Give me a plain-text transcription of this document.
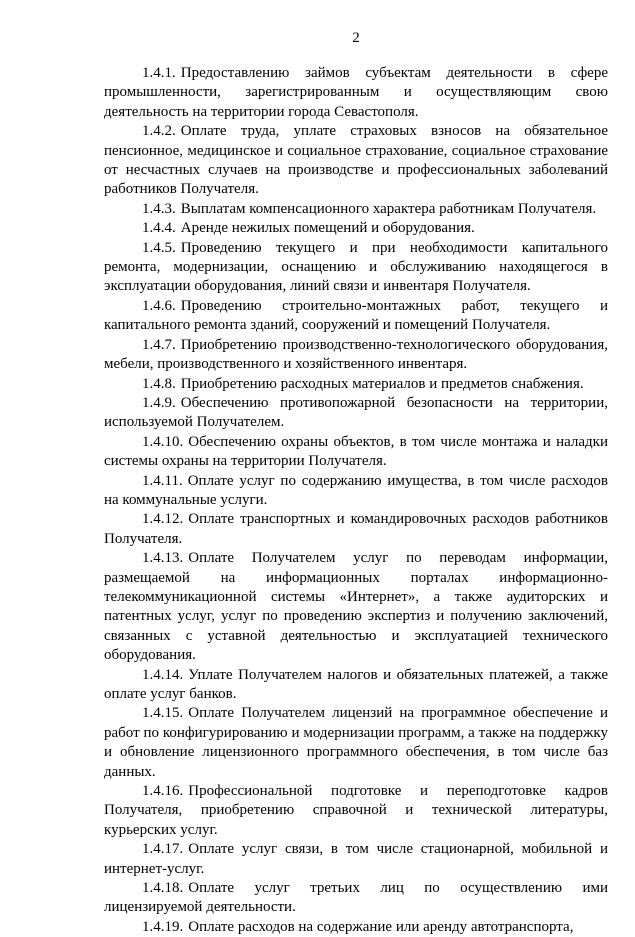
2

1.4.1. Предоставлению займов субъектам деятельности в сфере промышленности, зарегистрированным и осуществляющим свою деятельность на территории города Севастополя.

1.4.2. Оплате труда, уплате страховых взносов на обязательное пенсионное, медицинское и социальное страхование, социальное страхование от несчастных случаев на производстве и профессиональных заболеваний работников Получателя.

1.4.3. Выплатам компенсационного характера работникам Получателя.

1.4.4. Аренде нежилых помещений и оборудования.

1.4.5. Проведению текущего и при необходимости капитального ремонта, модернизации, оснащению и обслуживанию находящегося в эксплуатации оборудования, линий связи и инвентаря Получателя.

1.4.6. Проведению строительно-монтажных работ, текущего и капитального ремонта зданий, сооружений и помещений Получателя.

1.4.7. Приобретению производственно-технологического оборудования, мебели, производственного и хозяйственного инвентаря.

1.4.8. Приобретению расходных материалов и предметов снабжения.

1.4.9. Обеспечению противопожарной безопасности на территории, используемой Получателем.

1.4.10. Обеспечению охраны объектов, в том числе монтажа и наладки системы охраны на территории Получателя.

1.4.11. Оплате услуг по содержанию имущества, в том числе расходов на коммунальные услуги.

1.4.12. Оплате транспортных и командировочных расходов работников Получателя.

1.4.13. Оплате Получателем услуг по переводам информации, размещаемой на информационных порталах информационно-телекоммуникационной системы «Интернет», а также аудиторских и патентных услуг, услуг по проведению экспертиз и получению заключений, связанных с уставной деятельностью и эксплуатацией технического оборудования.

1.4.14. Уплате Получателем налогов и обязательных платежей, а также оплате услуг банков.

1.4.15. Оплате Получателем лицензий на программное обеспечение и работ по конфигурированию и модернизации программ, а также на поддержку и обновление лицензионного программного обеспечения, в том числе баз данных.

1.4.16. Профессиональной подготовке и переподготовке кадров Получателя, приобретению справочной и технической литературы, курьерских услуг.

1.4.17. Оплате услуг связи, в том числе стационарной, мобильной и интернет-услуг.

1.4.18. Оплате услуг третьих лиц по осуществлению ими лицензируемой деятельности.

1.4.19. Оплате расходов на содержание или аренду автотранспорта,
